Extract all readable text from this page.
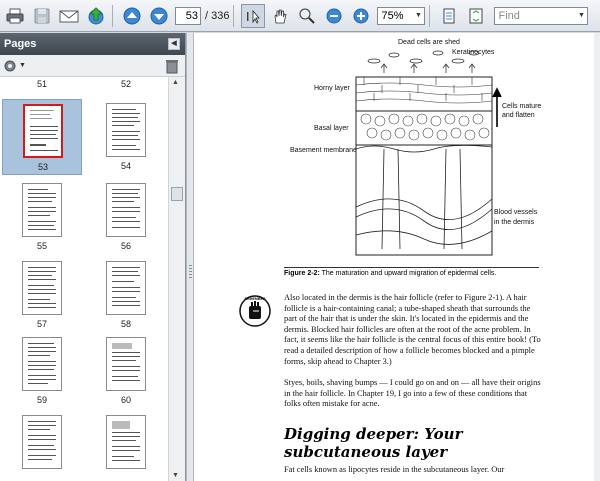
53 / 336 I	75%	▼	Find	▼
Pages	◀
▼
51	52
53	54
55	56
57	58
59	60
▲
▼
Dead cells are shed
Keratinocytes
Horny layer
Basal layer
Basement membrane
Cells mature
and flatten
Blood vessels
in the dermis
Figure 2-2: The maturation and upward migration of epidermal cells.
REMEMBER	Also located in the dermis is the hair follicle (refer to Figure 2-1). A hair follicle is a hair-containing canal; a tube-shaped sheath that surrounds the part of the hair that is under the skin. It's located in the epidermis and the dermis. Blocked hair follicles are often at the root of the acne problem. In fact, it seems like the hair follicle is the central focus of this entire book! (To read a detailed description of how a follicle becomes blocked and a pimple forms, skip ahead to Chapter 3.)
Styes, boils, shaving bumps — I could go on and on — all have their origins in the hair follicle. In Chapter 19, I go into a few of these conditions that folks often mistake for acne.
Digging deeper: Your subcutaneous layer
Fat cells known as lipocytes reside in the subcutaneous layer. Our
